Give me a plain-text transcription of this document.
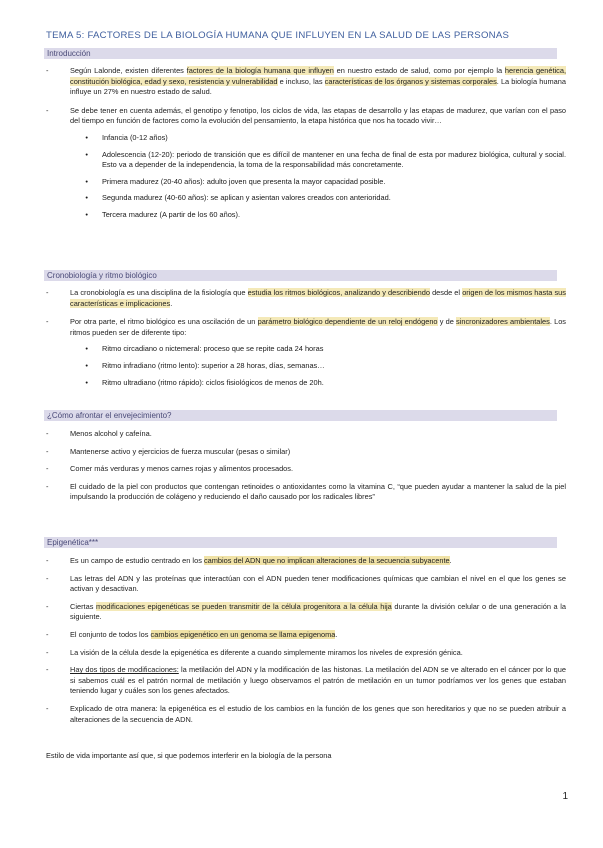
TEMA 5: FACTORES DE LA BIOLOGÍA HUMANA QUE INFLUYEN EN LA SALUD DE LAS PERSONAS
Introducción
-	Según Lalonde, existen diferentes factores de la biología humana que influyen en nuestro estado de salud, como por ejemplo la herencia genética, constitución biológica, edad y sexo, resistencia y vulnerabilidad e incluso, las características de los órganos y sistemas corporales. La biología humana influye un 27% en nuestro estado de salud.
-	Se debe tener en cuenta además, el genotipo y fenotipo, los ciclos de vida, las etapas de desarrollo y las etapas de madurez, que varían con el paso del tiempo en función de factores como la evolución del pensamiento, la etapa histórica que nos ha tocado vivir…
•	Infancia (0-12 años)
•	Adolescencia (12-20): periodo de transición que es difícil de mantener en una fecha de final de esta por madurez biológica, cultural y social. Esto va a depender de la independencia, la toma de la responsabilidad más concretamente.
•	Primera madurez (20-40 años): adulto joven que presenta la mayor capacidad posible.
•	Segunda madurez (40-60 años): se aplican y asientan valores creados con anterioridad.
•	Tercera madurez (A partir de los 60 años).
Cronobiología y ritmo biológico
-	La cronobiología es una disciplina de la fisiología que estudia los ritmos biológicos, analizando y describiendo desde el origen de los mismos hasta sus características e implicaciones.
-	Por otra parte, el ritmo biológico es una oscilación de un parámetro biológico dependiente de un reloj endógeno y de sincronizadores ambientales. Los ritmos pueden ser de diferente tipo:
•	Ritmo circadiano o nictemeral: proceso que se repite cada 24 horas
•	Ritmo infradiano (ritmo lento): superior a 28 horas, días, semanas…
•	Ritmo ultradiano (ritmo rápido): ciclos fisiológicos de menos de 20h.
¿Cómo afrontar el envejecimiento?
-	Menos alcohol y cafeína.
-	Mantenerse activo y ejercicios de fuerza muscular (pesas o similar)
-	Comer más verduras y menos carnes rojas y alimentos procesados.
-	El cuidado de la piel con productos que contengan retinoides o antioxidantes como la vitamina C, “que pueden ayudar a mantener la salud de la piel impulsando la producción de colágeno y reduciendo el daño causado por los radicales libres”
Epigenética***
-	Es un campo de estudio centrado en los cambios del ADN que no implican alteraciones de la secuencia subyacente.
-	Las letras del ADN y las proteínas que interactúan con el ADN pueden tener modificaciones químicas que cambian el nivel en el que los genes se activan y desactivan.
-	Ciertas modificaciones epigenéticas se pueden transmitir de la célula progenitora a la célula hija durante la división celular o de una generación a la siguiente.
-	El conjunto de todos los cambios epigenético en un genoma se llama epigenoma.
-	La visión de la célula desde la epigenética es diferente a cuando simplemente miramos los niveles de expresión génica.
-	Hay dos tipos de modificaciones: la metilación del ADN y la modificación de las histonas. La metilación del ADN se ve alterado en el cáncer por lo que si sabemos cuál es el patrón normal de metilación y luego observamos el patrón de metilación en un tumor podríamos ver los genes que estaban teniendo lugar y cuáles son los genes afectados.
-	Explicado de otra manera: la epigenética es el estudio de los cambios en la función de los genes que son hereditarios y que no se pueden atribuir a alteraciones de la secuencia de ADN.
Estilo de vida importante así que, si que podemos interferir en la biología de la persona
1
